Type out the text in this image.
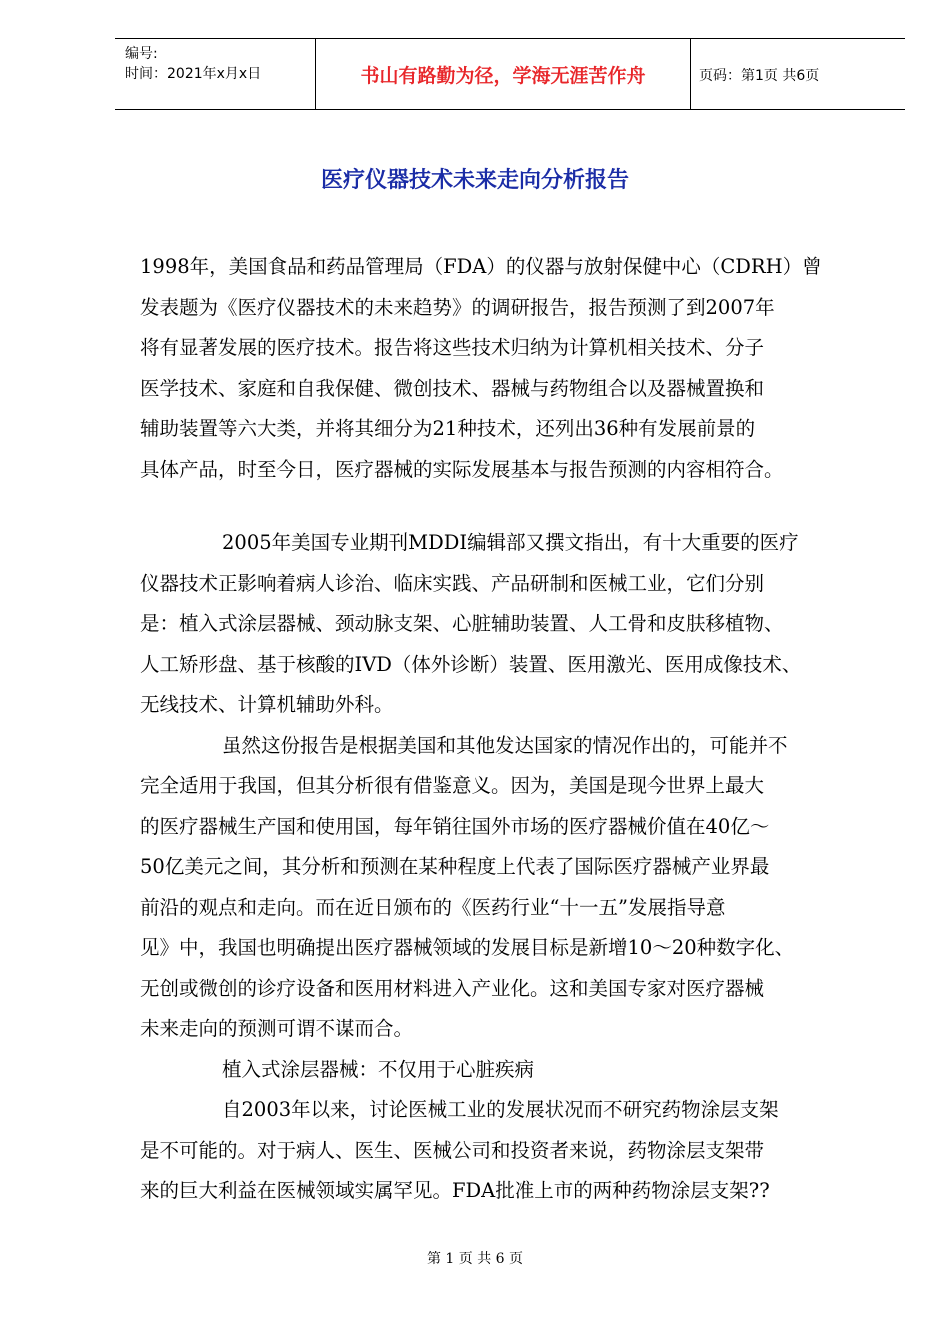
编号:
时间：2021年x月x日	书山有路勤为径，学海无涯苦作舟	页码：第1页 共6页
医疗仪器技术未来走向分析报告
1998年，美国食品和药品管理局（FDA）的仪器与放射保健中心（CDRH）曾
发表题为《医疗仪器技术的未来趋势》的调研报告，报告预测了到2007年
将有显著发展的医疗技术。报告将这些技术归纳为计算机相关技术、分子
医学技术、家庭和自我保健、微创技术、器械与药物组合以及器械置换和
辅助装置等六大类，并将其细分为21种技术，还列出36种有发展前景的
具体产品，时至今日，医疗器械的实际发展基本与报告预测的内容相符合。
2005年美国专业期刊MDDI编辑部又撰文指出，有十大重要的医疗
仪器技术正影响着病人诊治、临床实践、产品研制和医械工业，它们分别
是：植入式涂层器械、颈动脉支架、心脏辅助装置、人工骨和皮肤移植物、
人工矫形盘、基于核酸的IVD（体外诊断）装置、医用激光、医用成像技术、
无线技术、计算机辅助外科。
虽然这份报告是根据美国和其他发达国家的情况作出的，可能并不
完全适用于我国，但其分析很有借鉴意义。因为，美国是现今世界上最大
的医疗器械生产国和使用国，每年销往国外市场的医疗器械价值在40亿～
50亿美元之间，其分析和预测在某种程度上代表了国际医疗器械产业界最
前沿的观点和走向。而在近日颁布的《医药行业“十一五”发展指导意
见》中，我国也明确提出医疗器械领域的发展目标是新增10～20种数字化、
无创或微创的诊疗设备和医用材料进入产业化。这和美国专家对医疗器械
未来走向的预测可谓不谋而合。
植入式涂层器械：不仅用于心脏疾病
自2003年以来，讨论医械工业的发展状况而不研究药物涂层支架
是不可能的。对于病人、医生、医械公司和投资者来说，药物涂层支架带
来的巨大利益在医械领域实属罕见。FDA批准上市的两种药物涂层支架??
第 1 页 共 6 页
